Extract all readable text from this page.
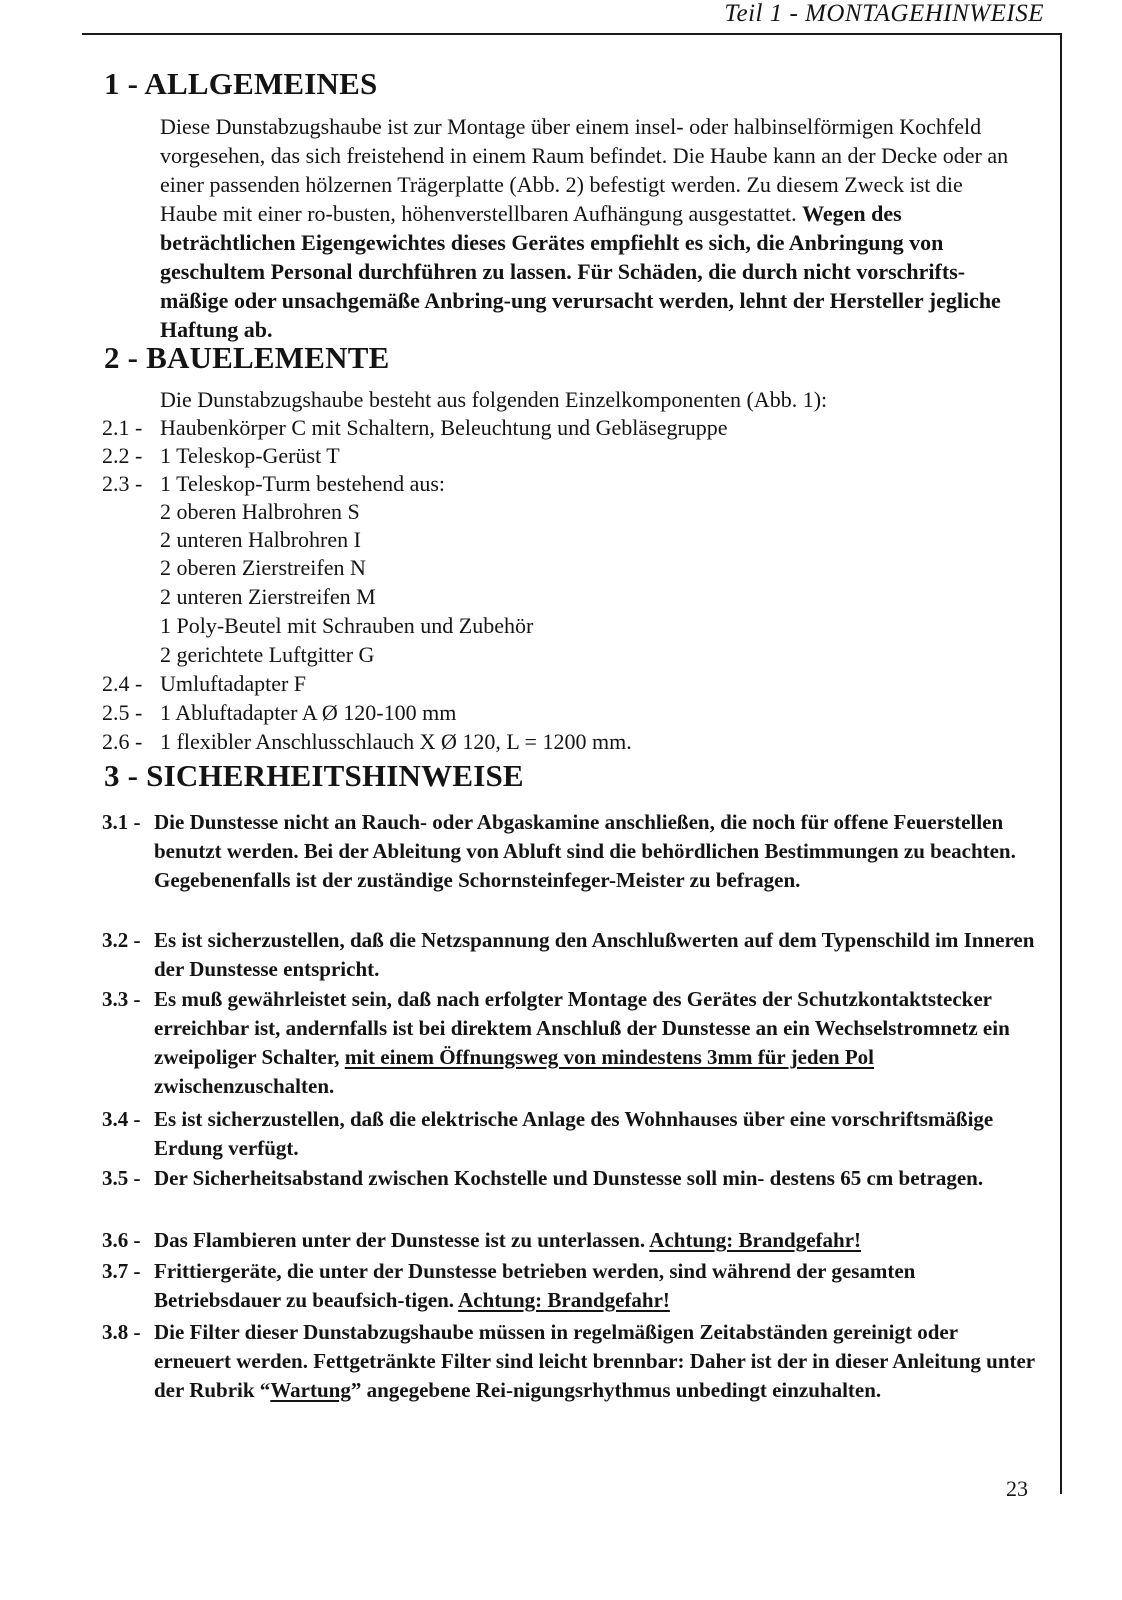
Teil 1 - MONTAGEHINWEISE
1 - ALLGEMEINES
Diese Dunstabzugshaube ist zur Montage über einem insel- oder halbinselförmigen Kochfeld vorgesehen, das sich freistehend in einem Raum befindet. Die Haube kann an der Decke oder an einer passenden hölzernen Trägerplatte (Abb. 2) befestigt werden. Zu diesem Zweck ist die Haube mit einer ro-busten, höhenverstellbaren Aufhängung ausgestattet. Wegen des beträchtlichen Eigengewichtes dieses Gerätes empfiehlt es sich, die Anbringung von geschultem Personal durchführen zu lassen. Für Schäden, die durch nicht vorschrifts-mäßige oder unsachgemäße Anbring-ung verursacht werden, lehnt der Hersteller jegliche Haftung ab.
2 - BAUELEMENTE
Die Dunstabzugshaube besteht aus folgenden Einzelkomponenten (Abb. 1):
2.1 - Haubenkörper C mit Schaltern, Beleuchtung und Gebläsegruppe
2.2 - 1 Teleskop-Gerüst T
2.3 - 1 Teleskop-Turm bestehend aus:
2 oberen Halbrohren S
2 unteren Halbrohren I
2 oberen Zierstreifen N
2 unteren Zierstreifen M
1 Poly-Beutel mit Schrauben und Zubehör
2 gerichtete Luftgitter G
2.4 - Umluftadapter F
2.5 - 1 Abluftadapter A Ø 120-100 mm
2.6 - 1 flexibler Anschlusschlauch X Ø 120, L = 1200 mm.
3 - SICHERHEITSHINWEISE
3.1 - Die Dunstesse nicht an Rauch- oder Abgaskamine anschließen, die noch für offene Feuerstellen benutzt werden. Bei der Ableitung von Abluft sind die behördlichen Bestimmungen zu beachten. Gegebenenfalls ist der zuständige Schornsteinfeger-Meister zu befragen.
3.2 - Es ist sicherzustellen, daß die Netzspannung den Anschlußwerten auf dem Typenschild im Inneren der Dunstesse entspricht.
3.3 - Es muß gewährleistet sein, daß nach erfolgter Montage des Gerätes der Schutzkontaktstecker erreichbar ist, andernfalls ist bei direktem Anschluß der Dunstesse an ein Wechselstromnetz ein zweipoliger Schalter, mit einem Öffnungsweg von mindestens 3mm für jeden Pol zwischenzuschalten.
3.4 - Es ist sicherzustellen, daß die elektrische Anlage des Wohnhauses über eine vorschriftsmäßige Erdung verfügt.
3.5 - Der Sicherheitsabstand zwischen Kochstelle und Dunstesse soll min- destens 65 cm betragen.
3.6 - Das Flambieren unter der Dunstesse ist zu unterlassen. Achtung: Brandgefahr!
3.7 - Frittiergeräte, die unter der Dunstesse betrieben werden, sind während der gesamten Betriebsdauer zu beaufsich-tigen. Achtung: Brandgefahr!
3.8 - Die Filter dieser Dunstabzugshaube müssen in regelmäßigen Zeitabständen gereinigt oder erneuert werden. Fettgetränkte Filter sind leicht brennbar: Daher ist der in dieser Anleitung unter der Rubrik “Wartung” angegebene Rei-nigungsrhythmus unbedingt einzuhalten.
23
